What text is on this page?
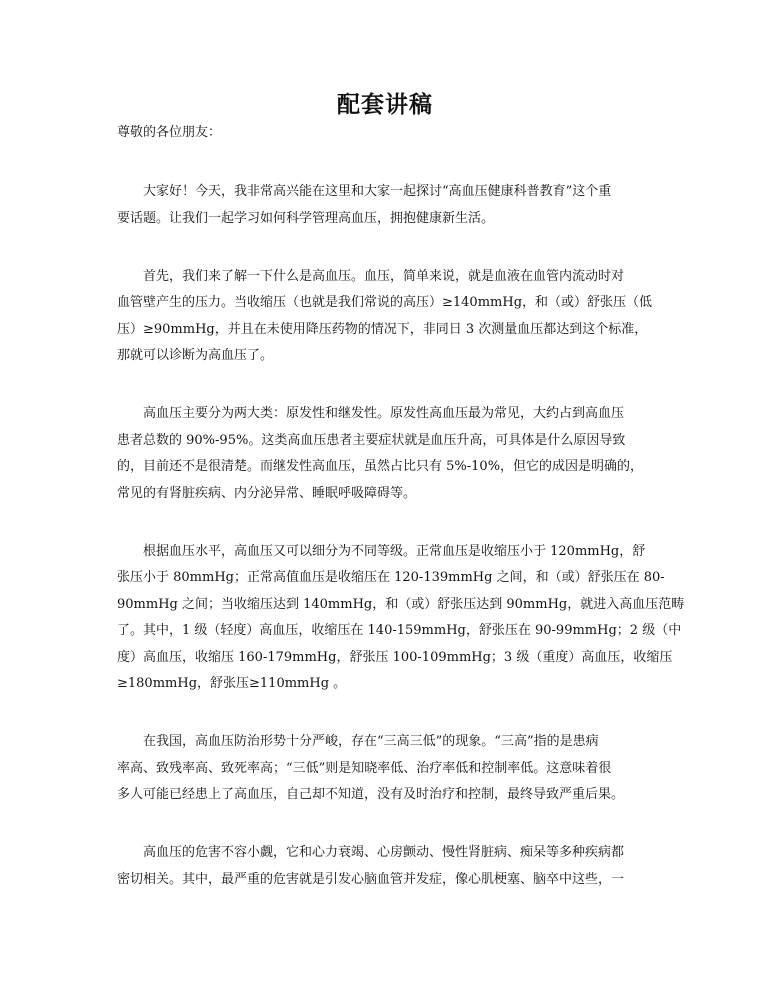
配套讲稿
尊敬的各位朋友：
　　大家好！今天，我非常高兴能在这里和大家一起探讨“高血压健康科普教育”这个重
要话题。让我们一起学习如何科学管理高血压，拥抱健康新生活。
　　首先，我们来了解一下什么是高血压。血压，简单来说，就是血液在血管内流动时对
血管壁产生的压力。当收缩压（也就是我们常说的高压）≥140mmHg，和（或）舒张压（低
压）≥90mmHg，并且在未使用降压药物的情况下，非同日 3 次测量血压都达到这个标准，
那就可以诊断为高血压了。
　　高血压主要分为两大类：原发性和继发性。原发性高血压最为常见，大约占到高血压
患者总数的 90%-95%。这类高血压患者主要症状就是血压升高，可具体是什么原因导致
的，目前还不是很清楚。而继发性高血压，虽然占比只有 5%-10%，但它的成因是明确的，
常见的有肾脏疾病、内分泌异常、睡眠呼吸障碍等。
　　根据血压水平，高血压又可以细分为不同等级。正常血压是收缩压小于 120mmHg，舒
张压小于 80mmHg；正常高值血压是收缩压在 120-139mmHg 之间，和（或）舒张压在 80-
90mmHg 之间；当收缩压达到 140mmHg，和（或）舒张压达到 90mmHg，就进入高血压范畴
了。其中，1 级（轻度）高血压，收缩压在 140-159mmHg，舒张压在 90-99mmHg；2 级（中
度）高血压，收缩压 160-179mmHg，舒张压 100-109mmHg；3 级（重度）高血压，收缩压
≥180mmHg，舒张压≥110mmHg 。
　　在我国，高血压防治形势十分严峻，存在“三高三低”的现象。“三高”指的是患病
率高、致残率高、致死率高；“三低”则是知晓率低、治疗率低和控制率低。这意味着很
多人可能已经患上了高血压，自己却不知道，没有及时治疗和控制，最终导致严重后果。
　　高血压的危害不容小觑，它和心力衰竭、心房颤动、慢性肾脏病、痴呆等多种疾病都
密切相关。其中，最严重的危害就是引发心脑血管并发症，像心肌梗塞、脑卒中这些，一
